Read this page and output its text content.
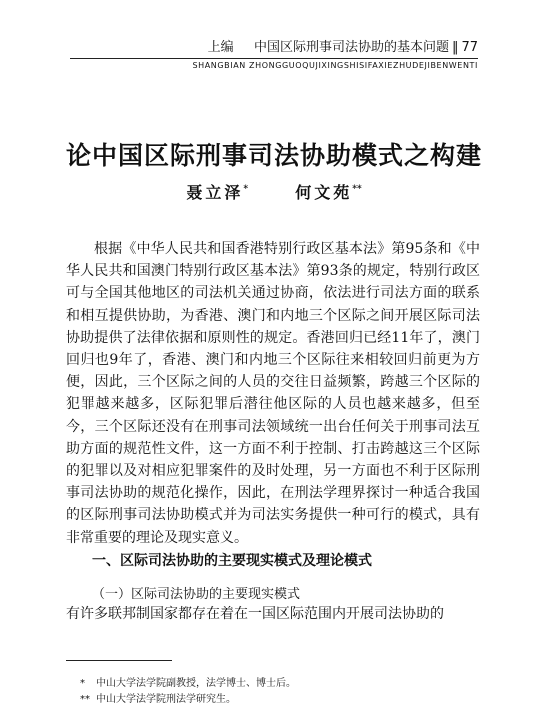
上编 中国区际刑事司法协助的基本问题 ‖ 77
SHANGBIAN ZHONGGUOQUJIXINGSHISIFAXIEZHUDEJIBENWENTI
论中国区际刑事司法协助模式之构建
聂立泽*	何文苑**

根据《中华人民共和国香港特别行政区基本法》第95条和《中华人民共和国澳门特别行政区基本法》第93条的规定，特别行政区可与全国其他地区的司法机关通过协商，依法进行司法方面的联系和相互提供协助，为香港、澳门和内地三个区际之间开展区际司法协助提供了法律依据和原则性的规定。香港回归已经11年了，澳门回归也9年了，香港、澳门和内地三个区际往来相较回归前更为方便，因此，三个区际之间的人员的交往日益频繁，跨越三个区际的犯罪越来越多，区际犯罪后潜往他区际的人员也越来越多，但至今，三个区际还没有在刑事司法领域统一出台任何关于刑事司法互助方面的规范性文件，这一方面不利于控制、打击跨越这三个区际的犯罪以及对相应犯罪案件的及时处理，另一方面也不利于区际刑事司法协助的规范化操作，因此，在刑法学理界探讨一种适合我国的区际刑事司法协助模式并为司法实务提供一种可行的模式，具有非常重要的理论及现实意义。

一、区际司法协助的主要现实模式及理论模式
（一）区际司法协助的主要现实模式
有许多联邦制国家都存在着在一国区际范围内开展司法协助的
* 中山大学法学院副教授，法学博士、博士后。
** 中山大学法学院刑法学研究生。
